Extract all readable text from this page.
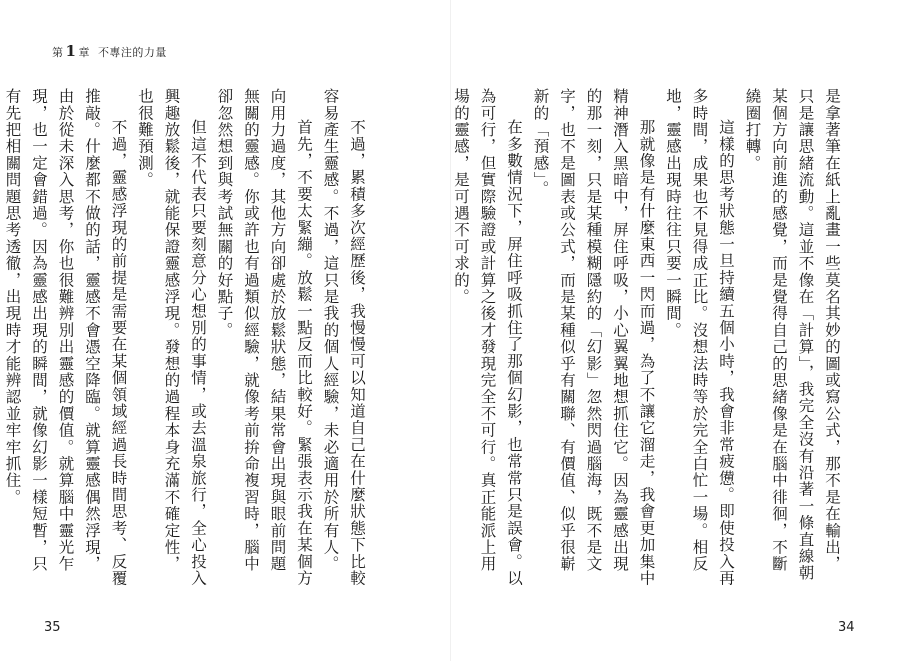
第 1 章 不專注的力量

是拿著筆在紙上亂畫一些莫名其妙的圖或寫公式，那不是在輸出，只是讓思緒流動。這並不像在「計算」，我完全沒有沿著一條直線朝某個方向前進的感覺，而是覺得自己的思緒像是在腦中徘徊，不斷繞圈打轉。

這樣的思考狀態一旦持續五個小時，我會非常疲憊。即使投入再多時間，成果也不見得成正比。沒想法時等於完全白忙一場。相反地，靈感出現時往往只要一瞬間。

那就像是有什麼東西一閃而過，為了不讓它溜走，我會更加集中精神潛入黑暗中，屏住呼吸，小心翼翼地想抓住它。因為靈感出現的那一刻，只是某種模糊隱約的「幻影」忽然閃過腦海，既不是文字，也不是圖表或公式，而是某種似乎有關聯、有價值、似乎很嶄新的「預感」。

在多數情況下，屏住呼吸抓住了那個幻影，也常常只是誤會。以為可行，但實際驗證或計算之後才發現完全不可行。真正能派上用場的靈感，是可遇不可求的。

不過，累積多次經歷後，我慢慢可以知道自己在什麼狀態下比較容易產生靈感。不過，這只是我的個人經驗，未必適用於所有人。

首先，不要太緊繃。放鬆一點反而比較好。緊張表示我在某個方向用力過度，其他方向卻處於放鬆狀態，結果常會出現與眼前問題無關的靈感。你或許也有過類似經驗，就像考前拚命複習時，腦中卻忽然想到與考試無關的好點子。

但這不代表只要刻意分心想別的事情，或去溫泉旅行，全心投入興趣放鬆後，就能保證靈感浮現。發想的過程本身充滿不確定性，也很難預測。

不過，靈感浮現的前提是需要在某個領域經過長時間思考、反覆推敲。什麼都不做的話，靈感不會憑空降臨。就算靈感偶然浮現，由於從未深入思考，你也很難辨別出靈感的價值。就算腦中靈光乍現，也一定會錯過。因為靈感出現的瞬間，就像幻影一樣短暫，只有先把相關問題思考透徹，出現時才能辨認並牢牢抓住。

35	34
